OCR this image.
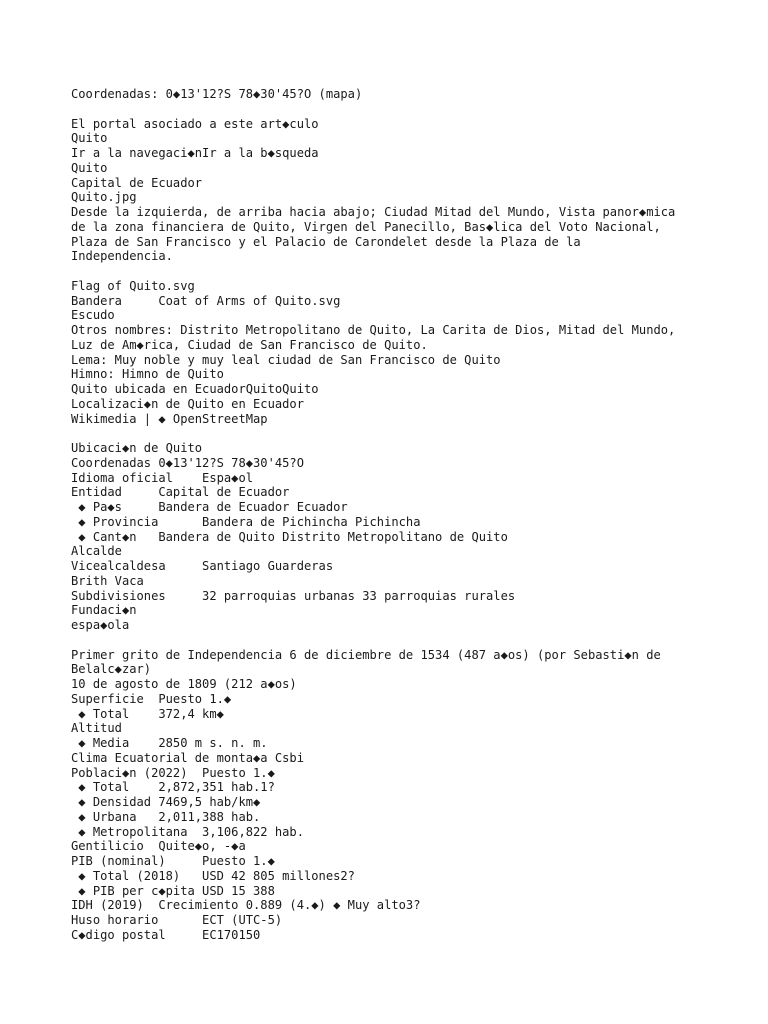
Coordenadas: 0◆13'12?S 78◆30'45?O (mapa)
El portal asociado a este art◆culo
Quito
Ir a la navegaci◆nIr a la b◆squeda
Quito
Capital de Ecuador
Quito.jpg
Desde la izquierda, de arriba hacia abajo; Ciudad Mitad del Mundo, Vista panor◆mica
de la zona financiera de Quito, Virgen del Panecillo, Bas◆lica del Voto Nacional,
Plaza de San Francisco y el Palacio de Carondelet desde la Plaza de la
Independencia.
Flag of Quito.svg
Bandera     Coat of Arms of Quito.svg
Escudo
Otros nombres: Distrito Metropolitano de Quito, La Carita de Dios, Mitad del Mundo,
Luz de Am◆rica, Ciudad de San Francisco de Quito.
Lema: Muy noble y muy leal ciudad de San Francisco de Quito
Himno: Himno de Quito
Quito ubicada en EcuadorQuitoQuito
Localizaci◆n de Quito en Ecuador
Wikimedia | ◆ OpenStreetMap
Ubicaci◆n de Quito
Coordenadas 0◆13'12?S 78◆30'45?O
Idioma oficial    Espa◆ol
Entidad     Capital de Ecuador
◆ Pa◆s     Bandera de Ecuador Ecuador
◆ Provincia      Bandera de Pichincha Pichincha
◆ Cant◆n   Bandera de Quito Distrito Metropolitano de Quito
Alcalde
Vicealcaldesa     Santiago Guarderas
Brith Vaca
Subdivisiones     32 parroquias urbanas 33 parroquias rurales
Fundaci◆n
espa◆ola
Primer grito de Independencia 6 de diciembre de 1534 (487 a◆os) (por Sebasti◆n de
Belalc◆zar)
10 de agosto de 1809 (212 a◆os)
Superficie  Puesto 1.◆
◆ Total    372,4 km◆
Altitud
◆ Media    2850 m s. n. m.
Clima Ecuatorial de monta◆a Csbi
Poblaci◆n (2022)  Puesto 1.◆
◆ Total    2,872,351 hab.1?
◆ Densidad 7469,5 hab/km◆
◆ Urbana   2,011,388 hab.
◆ Metropolitana  3,106,822 hab.
Gentilicio  Quite◆o, -◆a
PIB (nominal)     Puesto 1.◆
◆ Total (2018)   USD 42 805 millones2?
◆ PIB per c◆pita USD 15 388
IDH (2019)  Crecimiento 0.889 (4.◆) ◆ Muy alto3?
Huso horario      ECT (UTC-5)
C◆digo postal     EC170150
